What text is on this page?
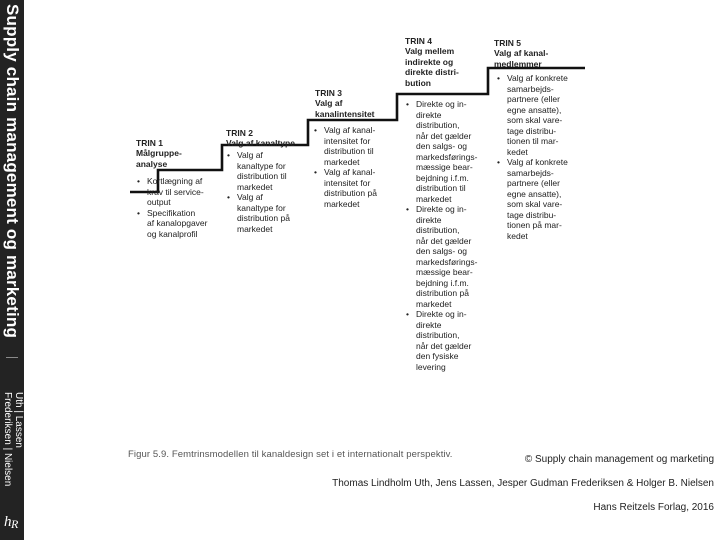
Supply chain management og marketing
Uth | Lassen
Frederiksen | Nielsen
h R

TRIN 1

Målgruppe-
analyse

• Kortlægning af
krav til service-
output
• Specifikation
af kanalopgaver
og kanalprofil

TRIN 2

Valg af kanaltype

• Valg af
kanaltype for
distribution til
markedet
• Valg af
kanaltype for
distribution på
markedet

TRIN 3

Valg af
kanalintensitet

• Valg af kanal-
intensitet for
distribution til
markedet
• Valg af kanal-
intensitet for
distribution på
markedet

TRIN 4

Valg mellem
indirekte og
direkte distri-
bution

• Direkte og in-
direkte
distribution,
når det gælder
den salgs- og
markedsførings-
mæssige bear-
bejdning i.f.m.
distribution til
markedet
• Direkte og in-
direkte
distribution,
når det gælder
den salgs- og
markedsførings-
mæssige bear-
bejdning i.f.m.
distribution på
markedet
• Direkte og in-
direkte
distribution,
når det gælder
den fysiske
levering

TRIN 5

Valg af kanal-
medlemmer

• Valg af konkrete
samarbejds-
partnere (eller
egne ansatte),
som skal vare-
tage distribu-
tionen til mar-
kedet
• Valg af konkrete
samarbejds-
partnere (eller
egne ansatte),
som skal vare-
tage distribu-
tionen på mar-
kedet
Figur 5.9. Femtrinsmodellen til kanaldesign set i et internationalt perspektiv.	© Supply chain management og marketing
Thomas Lindholm Uth, Jens Lassen, Jesper Gudman Frederiksen & Holger B. Nielsen
Hans Reitzels Forlag, 2016
